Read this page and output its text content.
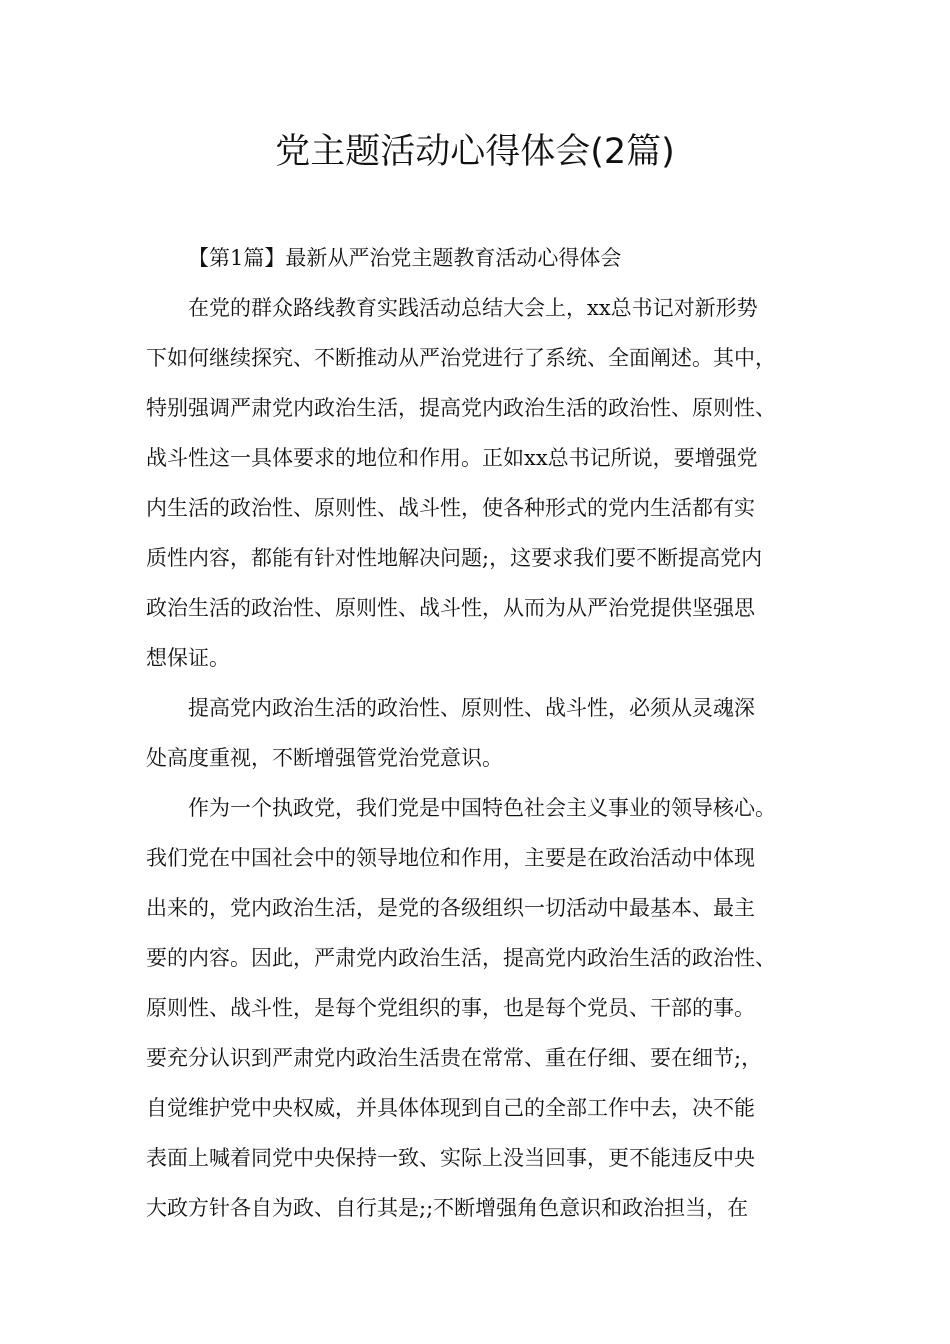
党主题活动心得体会(2篇)
【第1篇】最新从严治党主题教育活动心得体会
在党的群众路线教育实践活动总结大会上，xx总书记对新形势
下如何继续探究、不断推动从严治党进行了系统、全面阐述。其中，
特别强调严肃党内政治生活，提高党内政治生活的政治性、原则性、
战斗性这一具体要求的地位和作用。正如xx总书记所说，要增强党
内生活的政治性、原则性、战斗性，使各种形式的党内生活都有实
质性内容，都能有针对性地解决问题;，这要求我们要不断提高党内
政治生活的政治性、原则性、战斗性，从而为从严治党提供坚强思
想保证。
提高党内政治生活的政治性、原则性、战斗性，必须从灵魂深
处高度重视，不断增强管党治党意识。
作为一个执政党，我们党是中国特色社会主义事业的领导核心。
我们党在中国社会中的领导地位和作用，主要是在政治活动中体现
出来的，党内政治生活，是党的各级组织一切活动中最基本、最主
要的内容。因此，严肃党内政治生活，提高党内政治生活的政治性、
原则性、战斗性，是每个党组织的事，也是每个党员、干部的事。
要充分认识到严肃党内政治生活贵在常常、重在仔细、要在细节;，
自觉维护党中央权威，并具体体现到自己的全部工作中去，决不能
表面上喊着同党中央保持一致、实际上没当回事，更不能违反中央
大政方针各自为政、自行其是;;不断增强角色意识和政治担当，在
